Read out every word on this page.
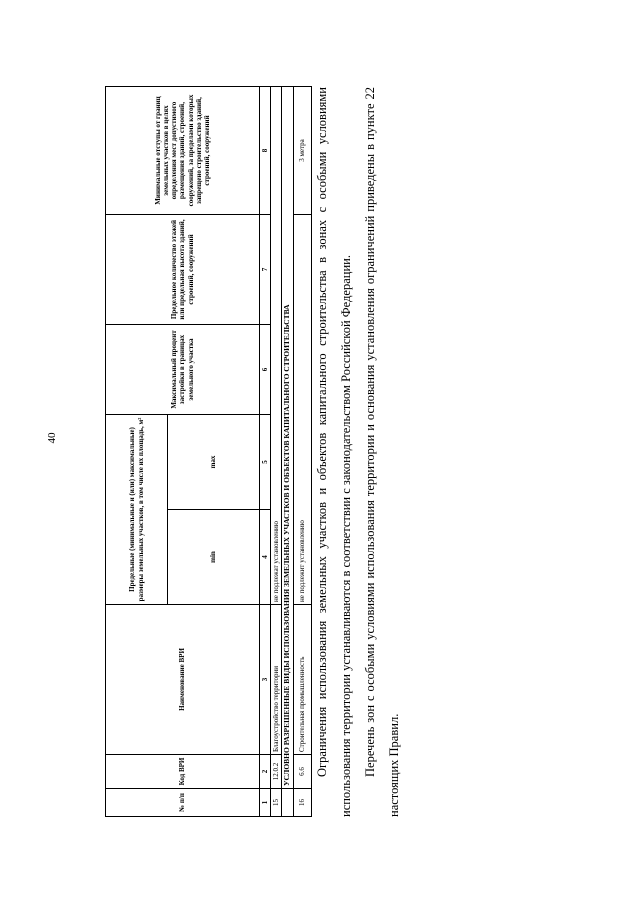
40
№ п/п	Код ВРИ	Наименование ВРИ	Предельные (минимальные и (или) максимальные) размеры земельных участков, в том числе их площадь, м²		Максимальный процент застройки в границах земельного участка	Предельное количество этажей или предельная высота зданий, строений, сооружений	Минимальные отступы от границ земельных участков в целях определения мест допустимого размещения зданий, строений, сооружений, за пределами которых запрещено строительство зданий, строений, сооружений
			min	max			
1	2	3	4	5	6	7	8
15	12.0.2	Благоустройство территории	не подлежат установлению				
	УСЛОВНО РАЗРЕШЕННЫЕ ВИДЫ ИСПОЛЬЗОВАНИЯ ЗЕМЕЛЬНЫХ УЧАСТКОВ И ОБЪЕКТОВ КАПИТАЛЬНОГО СТРОИТЕЛЬСТВА						
16	6.6	Строительная промышленность	не подлежит установлению				3 метра Ограничения использования земельных участков и объектов капитального строительства в зонах с особыми условиями использования территории устанавливаются в соответствии с законодательством Российской Федерации. Перечень зон с особыми условиями использования территории и основания установления ограничений приведены в пункте 22 настоящих Правил.
